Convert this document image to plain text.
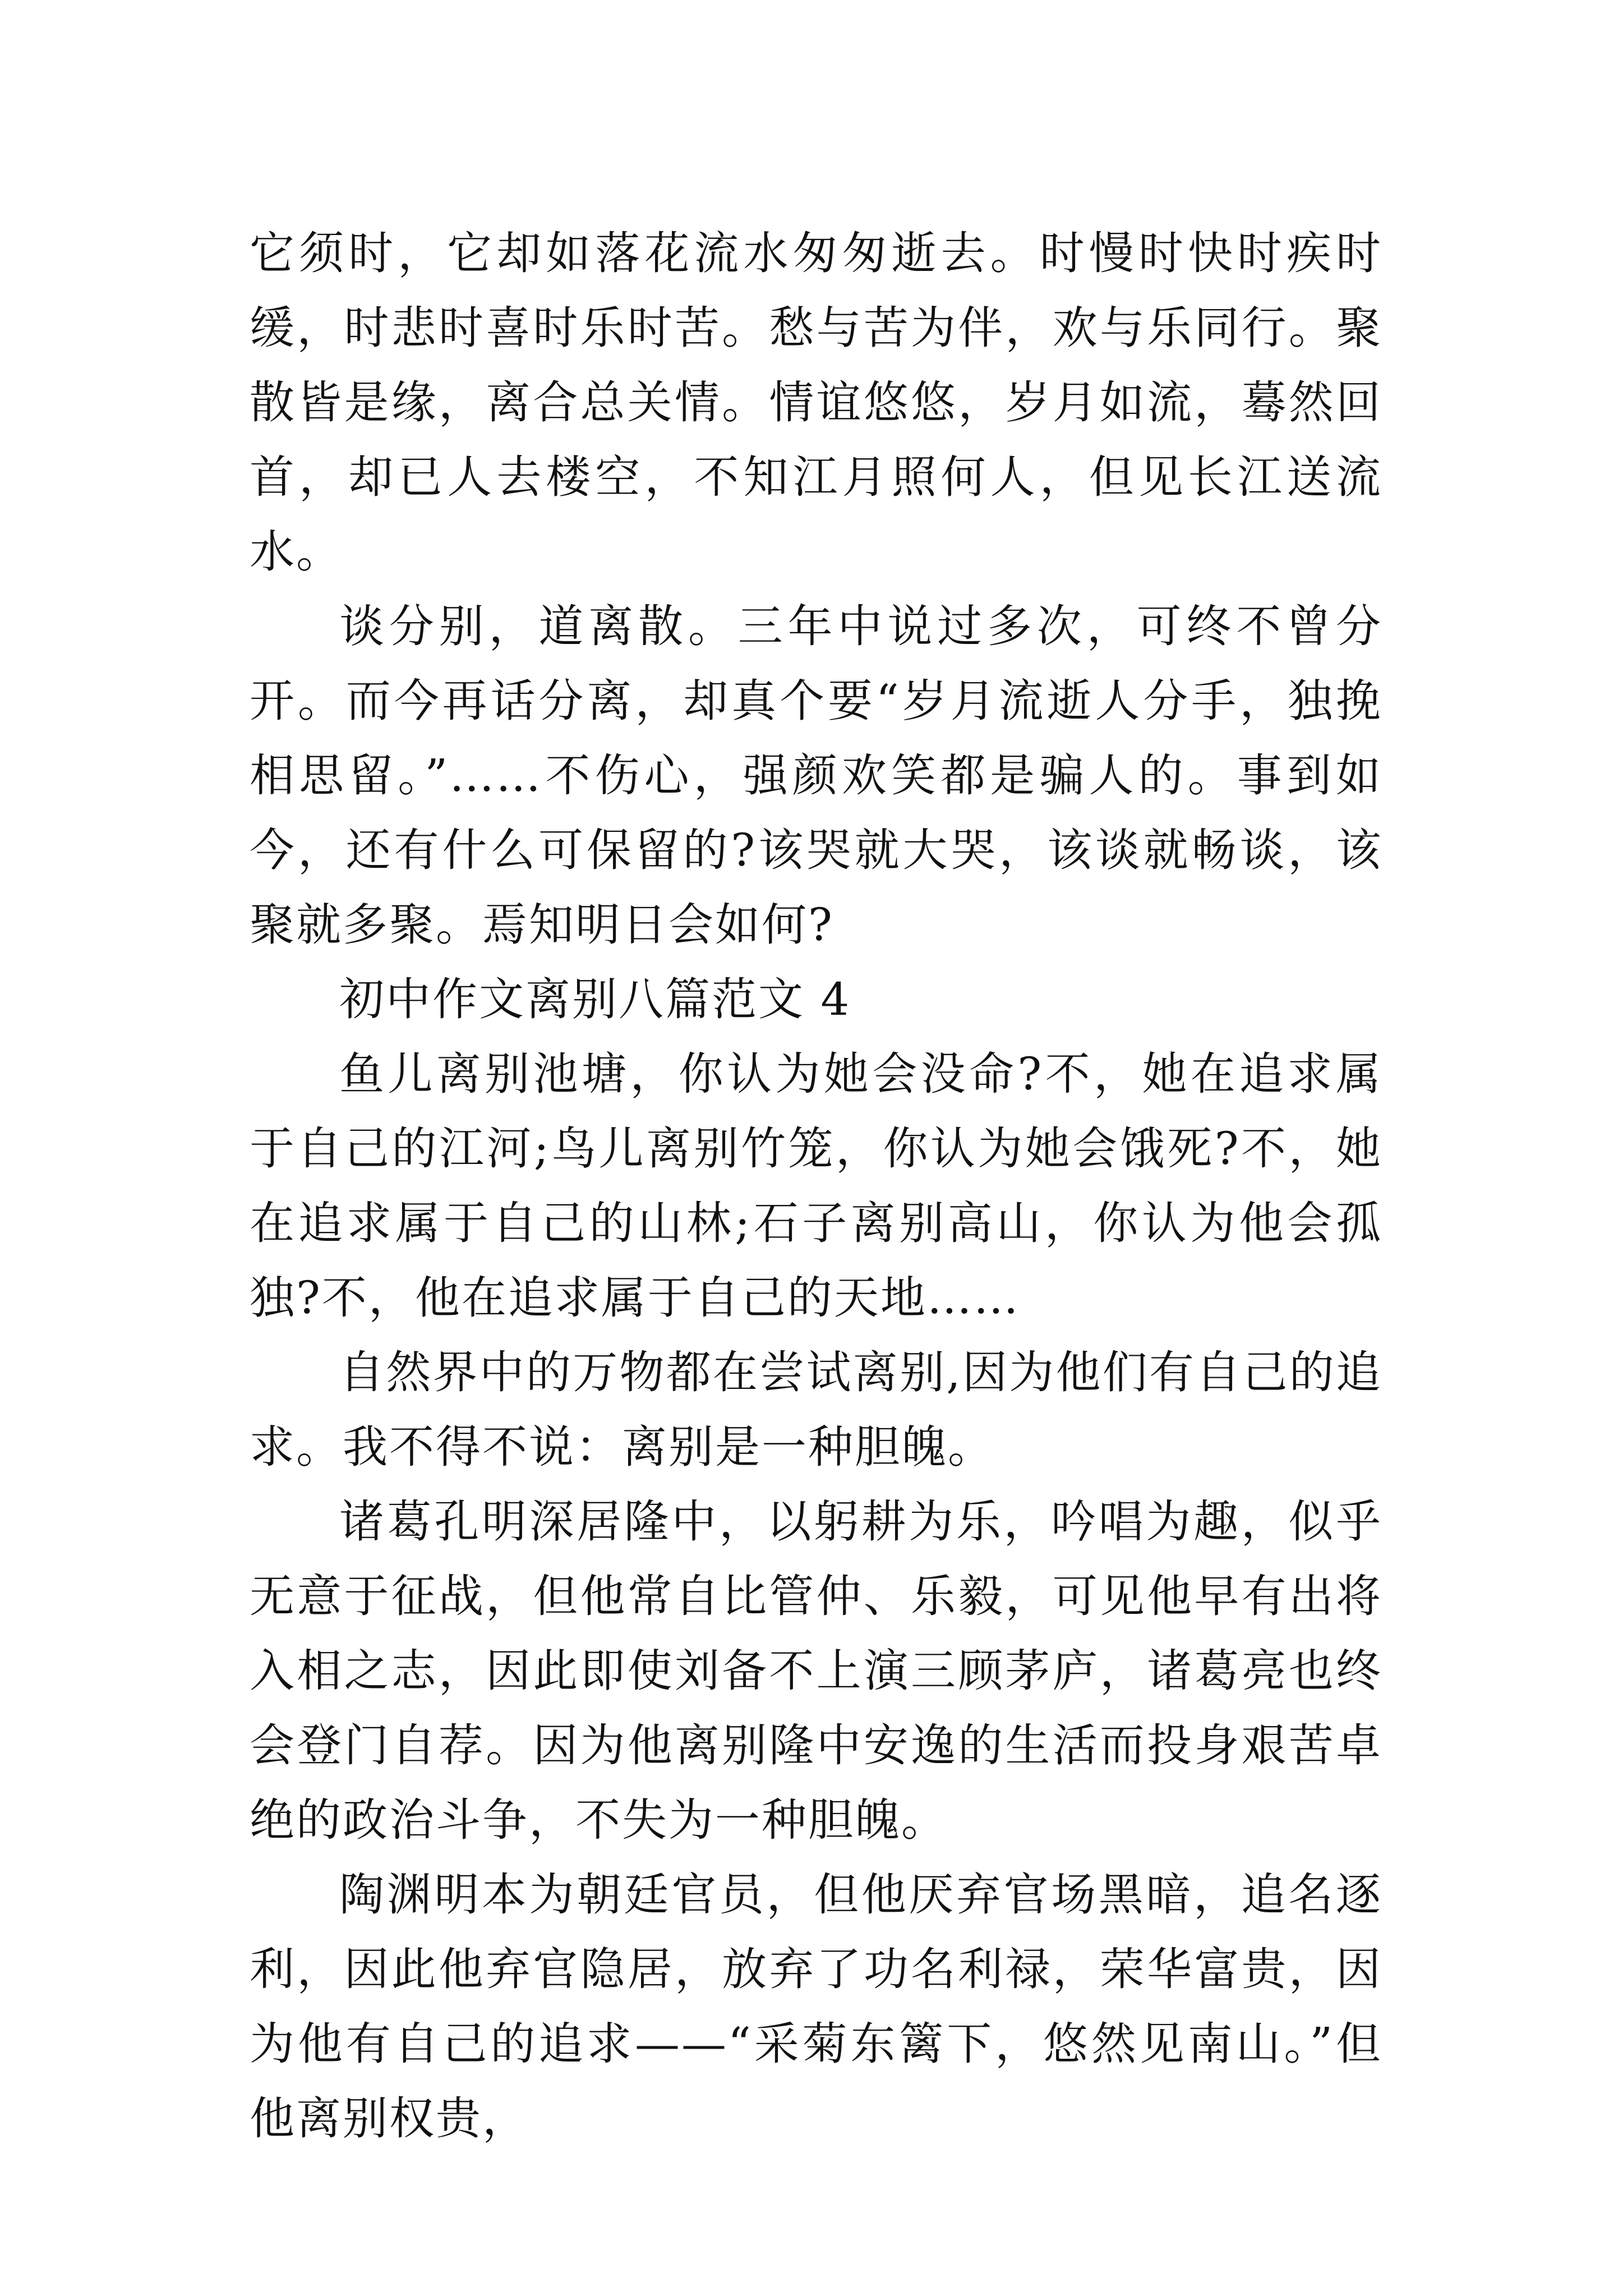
它须时，它却如落花流水匆匆逝去。时慢时快时疾时缓，时悲时喜时乐时苦。愁与苦为伴，欢与乐同行。聚散皆是缘，离合总关情。情谊悠悠，岁月如流，蓦然回首，却已人去楼空，不知江月照何人，但见长江送流水。

谈分别，道离散。三年中说过多次，可终不曾分开。而今再话分离，却真个要“岁月流逝人分手，独挽相思留。”……不伤心，强颜欢笑都是骗人的。事到如今，还有什么可保留的?该哭就大哭，该谈就畅谈，该聚就多聚。焉知明日会如何?

初中作文离别八篇范文 4

鱼儿离别池塘，你认为她会没命?不，她在追求属于自己的江河;鸟儿离别竹笼，你认为她会饿死?不，她在追求属于自己的山林;石子离别高山，你认为他会孤独?不，他在追求属于自己的天地……

自然界中的万物都在尝试离别,因为他们有自己的追求。我不得不说：离别是一种胆魄。

诸葛孔明深居隆中，以躬耕为乐，吟唱为趣，似乎无意于征战，但他常自比管仲、乐毅，可见他早有出将入相之志，因此即使刘备不上演三顾茅庐，诸葛亮也终会登门自荐。因为他离别隆中安逸的生活而投身艰苦卓绝的政治斗争，不失为一种胆魄。

陶渊明本为朝廷官员，但他厌弃官场黑暗，追名逐利，因此他弃官隐居，放弃了功名利禄，荣华富贵，因为他有自己的追求——“采菊东篱下，悠然见南山。”但他离别权贵，
